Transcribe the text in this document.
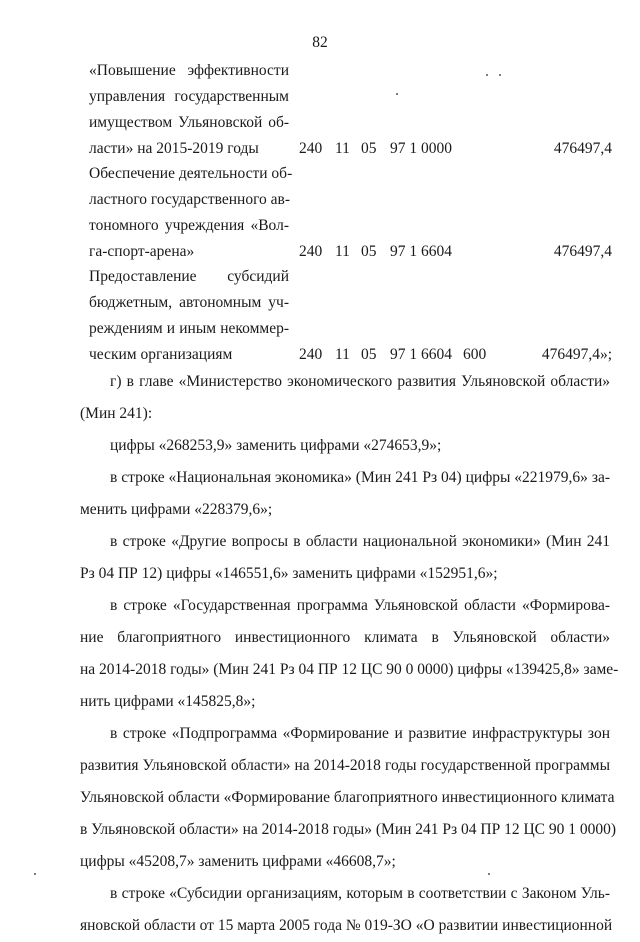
82
«Повышение эффективности
управления государственным
имуществом Ульяновской об-
ласти» на 2015-2019 годы	240 11 05 97 1 0000	476497,4
Обеспечение деятельности об-
ластного государственного ав-
тономного учреждения «Вол-
га-спорт-арена»	240 11 05 97 1 6604	476497,4
Предоставление субсидий
бюджетным, автономным уч-
реждениям и иным некоммер-
ческим организациям	240 11 05 97 1 6604 600	476497,4»;
г) в главе «Министерство экономического развития Ульяновской области»
(Мин 241):
цифры «268253,9» заменить цифрами «274653,9»;
в строке «Национальная экономика» (Мин 241 Рз 04) цифры «221979,6» за-
менить цифрами «228379,6»;
в строке «Другие вопросы в области национальной экономики» (Мин 241
Рз 04 ПР 12) цифры «146551,6» заменить цифрами «152951,6»;
в строке «Государственная программа Ульяновской области «Формирова-
ние благоприятного инвестиционного климата в Ульяновской области»
на 2014-2018 годы» (Мин 241 Рз 04 ПР 12 ЦС 90 0 0000) цифры «139425,8» заме-
нить цифрами «145825,8»;
в строке «Подпрограмма «Формирование и развитие инфраструктуры зон
развития Ульяновской области» на 2014-2018 годы государственной программы
Ульяновской области «Формирование благоприятного инвестиционного климата
в Ульяновской области» на 2014-2018 годы» (Мин 241 Рз 04 ПР 12 ЦС 90 1 0000)
цифры «45208,7» заменить цифрами «46608,7»;
в строке «Субсидии организациям, которым в соответствии с Законом Уль-
яновской области от 15 марта 2005 года № 019-ЗО «О развитии инвестиционной
